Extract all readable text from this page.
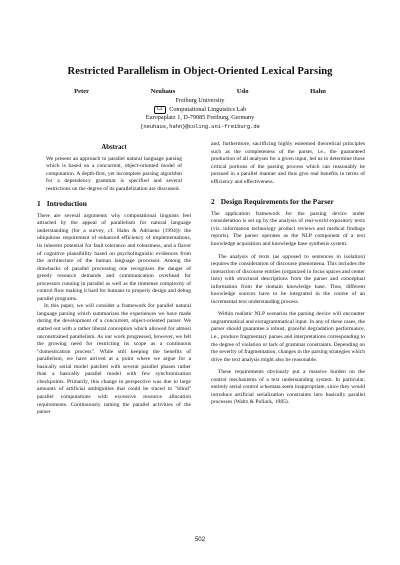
Restricted Parallelism in Object-Oriented Lexical Parsing
Peter Neuhaus Udo Hahn
Freiburg University
CL Computational Linguistics Lab
Europaplatz 1, D-79085 Freiburg, Germany
{neuhaus,hahn}@coling.uni-freiburg.de
Abstract

We present an approach to parallel natural language parsing which is based on a concurrent, object-oriented model of computation. A depth-first, yet incomplete parsing algorithm for a dependency grammar is specified and several restrictions on the degree of its parallelization are discussed.

1 Introduction

There are several arguments why computational linguists feel attracted by the appeal of parallelism for natural language understanding (for a survey, cf. Hahn & Adriaens (1994)): the ubiquitous requirement of enhanced efficiency of implementations, its inherent potential for fault tolerance and robustness, and a flavor of cognitive plausibility based on psycholinguistic evidences from the architecture of the human language processor. Among the drawbacks of parallel processing one recognizes the danger of greedy resource demands and communication overhead for processors running in parallel as well as the immense complexity of control flow making it hard for humans to properly design and debug parallel programs.

In this paper, we will consider a framework for parallel natural language parsing which summarizes the experiences we have made during the development of a concurrent, object-oriented parser. We started out with a rather liberal conception which allowed for almost unconstrained parallelism. As our work progressed, however, we felt the growing need for restricting its scope as a continuous "domestication process". While still keeping the benefits of parallelism, we have arrived at a point where we argue for a basically serial model patched with several parallel phases rather than a basically parallel model with few synchronization checkpoints. Primarily, this change in perspective was due to large amounts of artificial ambiguities that could be traced to "blind" parallel computations with excessive resource allocation requirements. Continuously taming the parallel activities of the parser

and, furthermore, sacrificing highly esteemed theoretical principles such as the completeness of the parser, i.e., the guaranteed production of all analyses for a given input, led us to determine those critical portions of the parsing process which can reasonably be pursued in a parallel manner and thus give real benefits in terms of efficiency and effectiveness.

2 Design Requirements for the Parser

The application framework for the parsing device under consideration is set up by the analysis of real-world expository texts (viz. information technology product reviews and medical findings reports). The parser operates as the NLP component of a text knowledge acquisition and knowledge base synthesis system.

The analysis of texts (as opposed to sentences in isolation) requires the consideration of discourse phenomena. This includes the interaction of discourse entities (organized in focus spaces and center lists) with structural descriptions from the parser and conceptual information from the domain knowledge base. Thus, different knowledge sources have to be integrated in the course of an incremental text understanding process.

Within realistic NLP scenarios the parsing device will encounter ungrammatical and extragrammatical input. In any of these cases, the parser should guarantee a robust, graceful degradation performance, i.e., produce fragmentary parses and interpretations corresponding to the degree of violation or lack of grammar constraints. Depending on the severity of fragmentation, changes in the parsing strategies which drive the text analysis might also be reasonable.

These requirements obviously put a massive burden on the control mechanisms of a text understanding system. In particular, entirely serial control schemata seem inappropriate, since they would introduce artificial serialization constraints into basically parallel processes (Waltz & Pollack, 1985).

502
